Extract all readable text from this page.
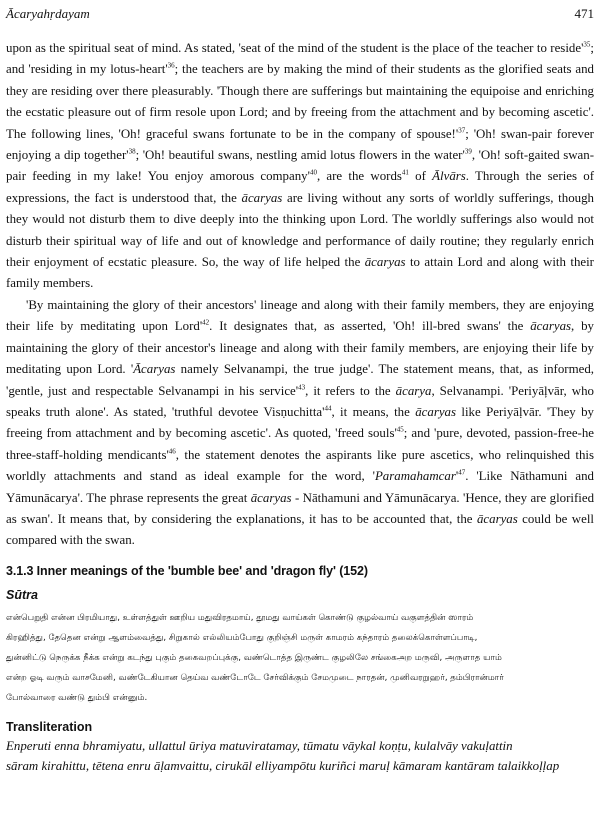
Ācaryahṛdayam	471

upon as the spiritual seat of mind. As stated, 'seat of the mind of the student is the place of the teacher to $reside'^{35}$; and 'residing in my lotus-$heart'^{36}$; the teachers are by making the mind of their students as the glorified seats and they are residing over there pleasurably. 'Though there are sufferings but maintaining the equipoise and enriching the ecstatic pleasure out of firm resole upon Lord; and by freeing from the attachment and by becoming ascetic'. The following lines, 'Oh! graceful swans fortunate to be in the company of $spouse!'^{37}$; 'Oh! swan-pair forever enjoying a dip $together'^{38}$; 'Oh! beautiful swans, nestling amid lotus flowers in the $water'^{39}$, 'Oh! soft-gaited swan-pair feeding in my lake! You enjoy amorous $company'^{40}$, are the words$^{41}$ of Ālvārs. Through the series of expressions, the fact is understood that, the ācaryas are living without any sorts of worldly sufferings, though they would not disturb them to dive deeply into the thinking upon Lord. The worldly sufferings also would not disturb their spiritual way of life and out of knowledge and performance of daily routine; they regularly enrich their enjoyment of ecstatic pleasure. So, the way of life helped the ācaryas to attain Lord and along with their family members.

'By maintaining the glory of their ancestors' lineage and along with their family members, they are enjoying their life by meditating upon $Lord'^{42}$. It designates that, as asserted, 'Oh! ill-bred swans' the ācaryas, by maintaining the glory of their ancestor's lineage and along with their family members, are enjoying their life by meditating upon Lord. 'Ācaryas namely Selvanampi, the true judge'. The statement means, that, as informed, 'gentle, just and respectable Selvanampi in his $service'^{43}$, it refers to the ācarya, Selvanampi. 'Periyāļvār, who speaks truth alone'. As stated, 'truthful devotee $Visṇuchitta'^{44}$, it means, the ācaryas like Periyāḷvār. 'They by freeing from attachment and by becoming ascetic'. As quoted, 'freed $souls'^{45}$; and 'pure, devoted, passion-free-he three-staff-holding $mendicants'^{46}$, the statement denotes the aspirants like pure ascetics, who relinquished this worldly attachments and stand as ideal example for the word, '$Paramahamcar'^{47}$. 'Like Nāthamuni and Yāmunācarya'. The phrase represents the great ācaryas - Nāthamuni and Yāmunācarya. 'Hence, they are glorified as swan'. It means that, by considering the explanations, it has to be accounted that, the ācaryas could be well compared with the swan.

3.1.3 Inner meanings of the 'bumble bee' and 'dragon fly' (152)
Sūtra
என்பெறுதி என்ன பிரமியாது, உள்ளத்துள் ஊறிய மதுவிரதமாய், தூமது வாய்கள் கொண்டு குழல்வாய் வகுளத்தின் ஸாரம்
கிரஹித்து, தேதென என்று ஆளம்வைத்து, சிறுகால் எல்லியம்போது குறிஞ்சி மருள் காமரம் கந்தாரம் தலைக்கொள்ளப்பாடி,
துன்னிட்டு நெருக்க நீக்க என்று கடந்து புகும் தகைவறப்புக்கு, வண்டொத்த இருண்ட குழலிலே சங்கைஅற மருவி, அருளாத யாம்
என்ற ஓடி வரும் வாசமேனி, வண்டேகியான தெய்வ வண்டோடே சேர்விக்கும் சேமமுடை நாரதன், முனிவரறுஹர், தம்பிரான்மார்
போல்வாரை வண்டு தும்பி என்னும்.
Transliteration
Enperuti enna bhramiyatu, ullattul ūriya matuviratamay, tūmatu vāykal koṇṭu, kulalvāy vakuḷattin
sāram kirahittu, tētena enru āḷamvaittu, cirukāl elliyampōtu kuriñci maruḷ kāmaram kantāram talaikkoḷḷap
